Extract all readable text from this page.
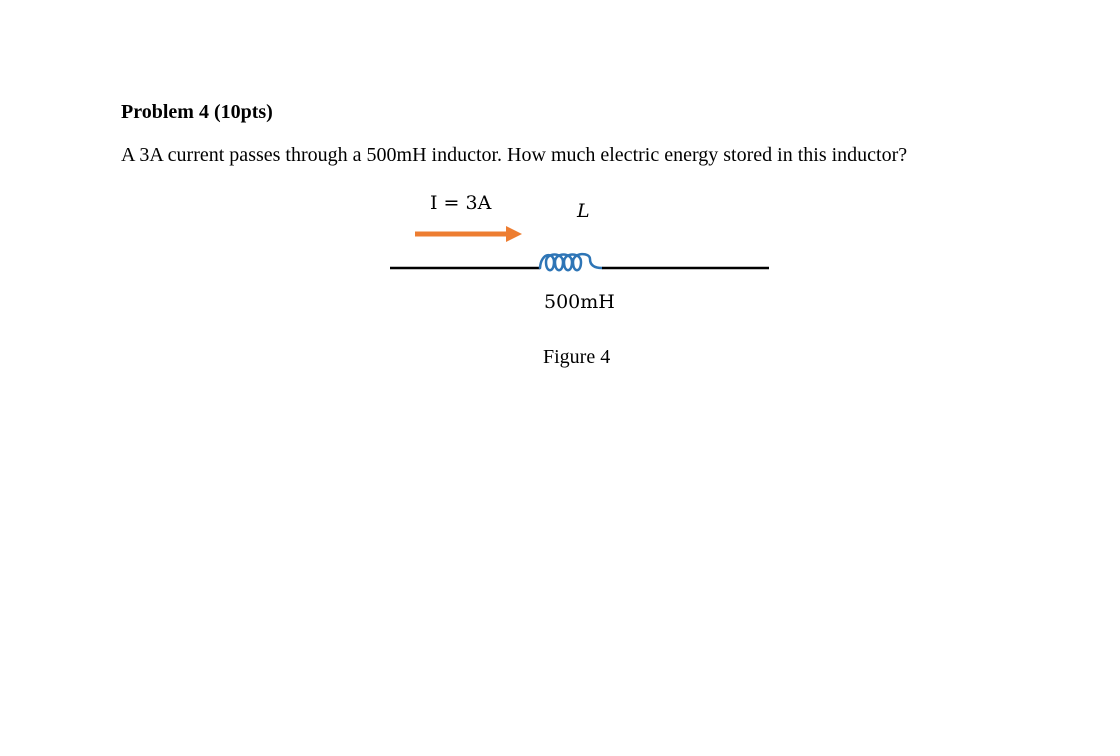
Problem 4 (10pts)
A 3A current passes through a 500mH inductor. How much electric energy stored in this inductor?
I = 3A	L
500mH
Figure 4
